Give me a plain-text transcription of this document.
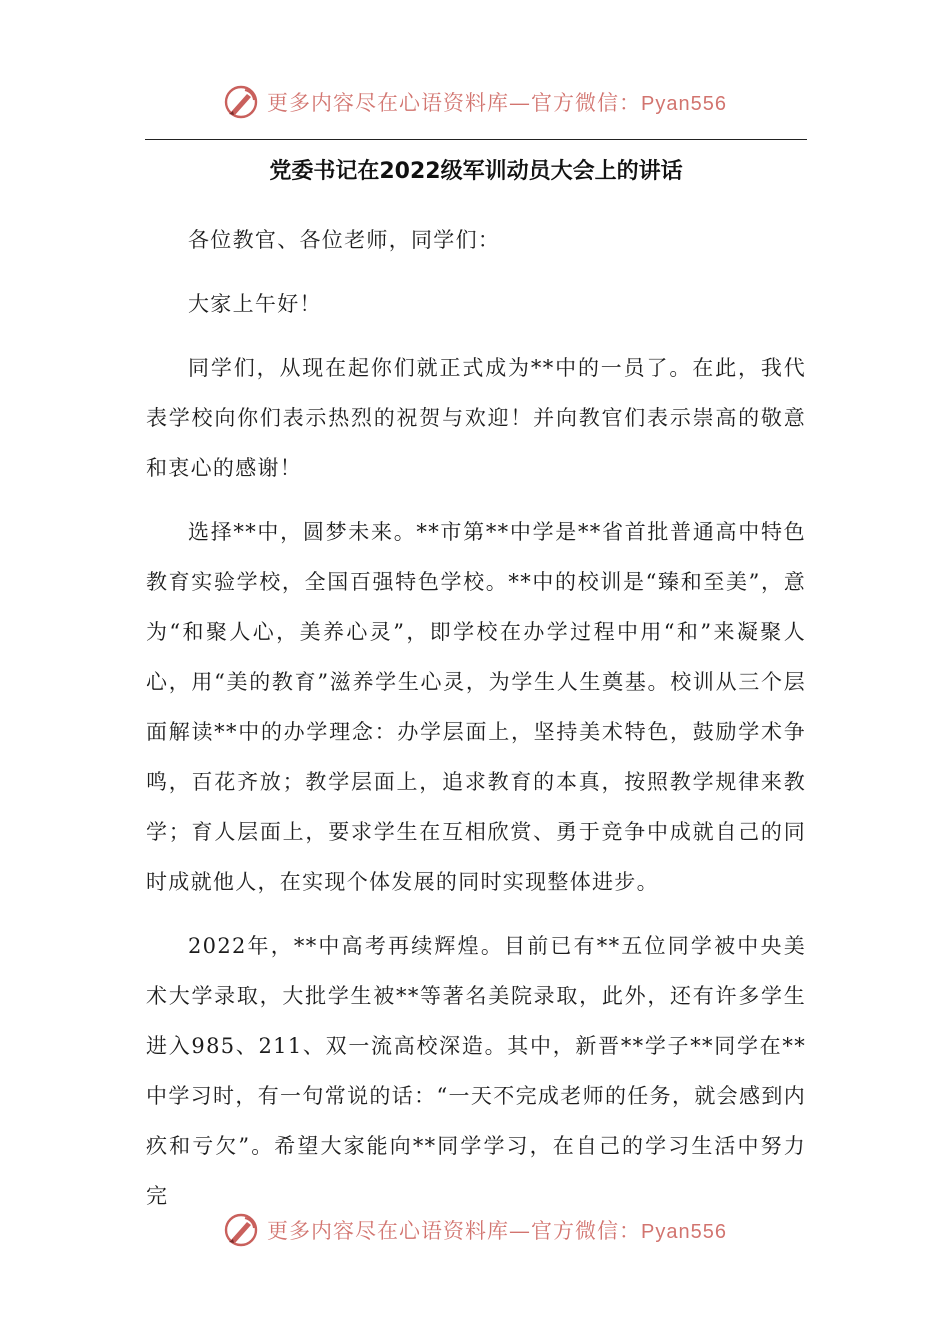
更多内容尽在心语资料库—官方微信：Pyan556
党委书记在2022级军训动员大会上的讲话

各位教官、各位老师，同学们：

大家上午好！

同学们，从现在起你们就正式成为**中的一员了。在此，我代表学校向你们表示热烈的祝贺与欢迎！并向教官们表示崇高的敬意和衷心的感谢！

选择**中，圆梦未来。**市第**中学是**省首批普通高中特色教育实验学校，全国百强特色学校。**中的校训是“臻和至美”，意为“和聚人心，美养心灵”，即学校在办学过程中用“和”来凝聚人心，用“美的教育”滋养学生心灵，为学生人生奠基。校训从三个层面解读**中的办学理念：办学层面上，坚持美术特色，鼓励学术争鸣，百花齐放；教学层面上，追求教育的本真，按照教学规律来教学；育人层面上，要求学生在互相欣赏、勇于竞争中成就自己的同时成就他人，在实现个体发展的同时实现整体进步。

2022年，**中高考再续辉煌。目前已有**五位同学被中央美术大学录取，大批学生被**等著名美院录取，此外，还有许多学生进入985、211、双一流高校深造。其中，新晋**学子**同学在**中学习时，有一句常说的话：“一天不完成老师的任务，就会感到内疚和亏欠”。希望大家能向**同学学习，在自己的学习生活中努力完

更多内容尽在心语资料库—官方微信：Pyan556
